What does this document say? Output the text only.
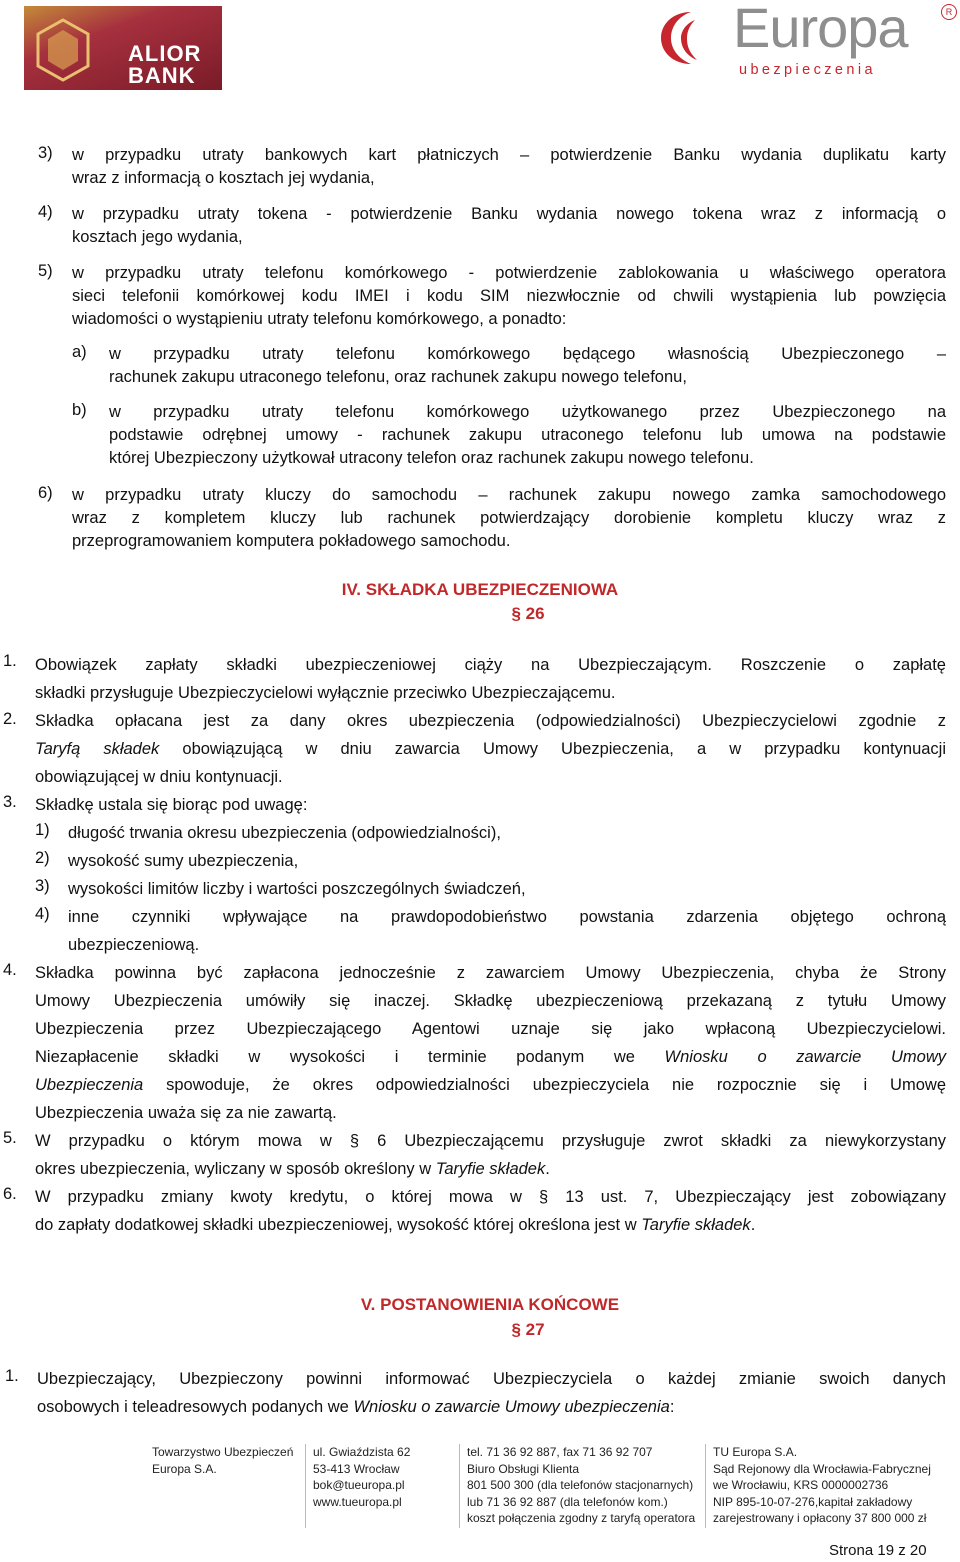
ALIOR BANK
Europa
ubezpieczenia
R
3) w przypadku utraty bankowych kart płatniczych – potwierdzenie Banku wydania duplikatu karty
wraz z informacją o kosztach jej wydania,
4) w przypadku utraty tokena - potwierdzenie Banku wydania nowego tokena wraz z informacją o
kosztach jego wydania,
5) w przypadku utraty telefonu komórkowego - potwierdzenie zablokowania u właściwego operatora
sieci telefonii komórkowej kodu IMEI i kodu SIM niezwłocznie od chwili wystąpienia lub powzięcia
wiadomości o wystąpieniu utraty telefonu komórkowego, a ponadto:
a) w przypadku utraty telefonu komórkowego będącego własnością Ubezpieczonego –
rachunek zakupu utraconego telefonu, oraz rachunek zakupu nowego telefonu,
b) w przypadku utraty telefonu komórkowego użytkowanego przez Ubezpieczonego na
podstawie odrębnej umowy - rachunek zakupu utraconego telefonu lub umowa na podstawie
której Ubezpieczony użytkował utracony telefon oraz rachunek zakupu nowego telefonu.
6) w przypadku utraty kluczy do samochodu – rachunek zakupu nowego zamka samochodowego
wraz z kompletem kluczy lub rachunek potwierdzający dorobienie kompletu kluczy wraz z
przeprogramowaniem komputera pokładowego samochodu.
IV. SKŁADKA UBEZPIECZENIOWA
§ 26
1. Obowiązek zapłaty składki ubezpieczeniowej ciąży na Ubezpieczającym. Roszczenie o zapłatę
składki przysługuje Ubezpieczycielowi wyłącznie przeciwko Ubezpieczającemu.
2. Składka opłacana jest za dany okres ubezpieczenia (odpowiedzialności) Ubezpieczycielowi zgodnie z
Taryfą składek obowiązującą w dniu zawarcia Umowy Ubezpieczenia, a w przypadku kontynuacji
obowiązującej w dniu kontynuacji.
3. Składkę ustala się biorąc pod uwagę:
1) długość trwania okresu ubezpieczenia (odpowiedzialności),
2) wysokość sumy ubezpieczenia,
3) wysokości limitów liczby i wartości poszczególnych świadczeń,
4) inne czynniki wpływające na prawdopodobieństwo powstania zdarzenia objętego ochroną
ubezpieczeniową.
4. Składka powinna być zapłacona jednocześnie z zawarciem Umowy Ubezpieczenia, chyba że Strony
Umowy Ubezpieczenia umówiły się inaczej. Składkę ubezpieczeniową przekazaną z tytułu Umowy
Ubezpieczenia przez Ubezpieczającego Agentowi uznaje się jako wpłaconą Ubezpieczycielowi.
Niezapłacenie składki w wysokości i terminie podanym we Wniosku o zawarcie Umowy
Ubezpieczenia spowoduje, że okres odpowiedzialności ubezpieczyciela nie rozpocznie się i Umowę
Ubezpieczenia uważa się za nie zawartą.
5. W przypadku o którym mowa w § 6 Ubezpieczającemu przysługuje zwrot składki za niewykorzystany
okres ubezpieczenia, wyliczany w sposób określony w Taryfie składek.
6. W przypadku zmiany kwoty kredytu, o której mowa w § 13 ust. 7, Ubezpieczający jest zobowiązany
do zapłaty dodatkowej składki ubezpieczeniowej, wysokość której określona jest w Taryfie składek.
V. POSTANOWIENIA KOŃCOWE
§ 27
1. Ubezpieczający, Ubezpieczony powinni informować Ubezpieczyciela o każdej zmianie swoich danych
osobowych i teleadresowych podanych we Wniosku o zawarcie Umowy ubezpieczenia:
Towarzystwo Ubezpieczeń
Europa S.A.
ul. Gwiaździsta 62
53-413 Wrocław
bok@tueuropa.pl
www.tueuropa.pl
tel. 71 36 92 887, fax 71 36 92 707
Biuro Obsługi Klienta
801 500 300 (dla telefonów stacjonarnych)
lub 71 36 92 887 (dla telefonów kom.)
koszt połączenia zgodny z taryfą operatora
TU Europa S.A.
Sąd Rejonowy dla Wrocławia-Fabrycznej
we Wrocławiu, KRS 0000002736
NIP 895-10-07-276,kapitał zakładowy
zarejestrowany i opłacony 37 800 000 zł
Strona 19 z 20
